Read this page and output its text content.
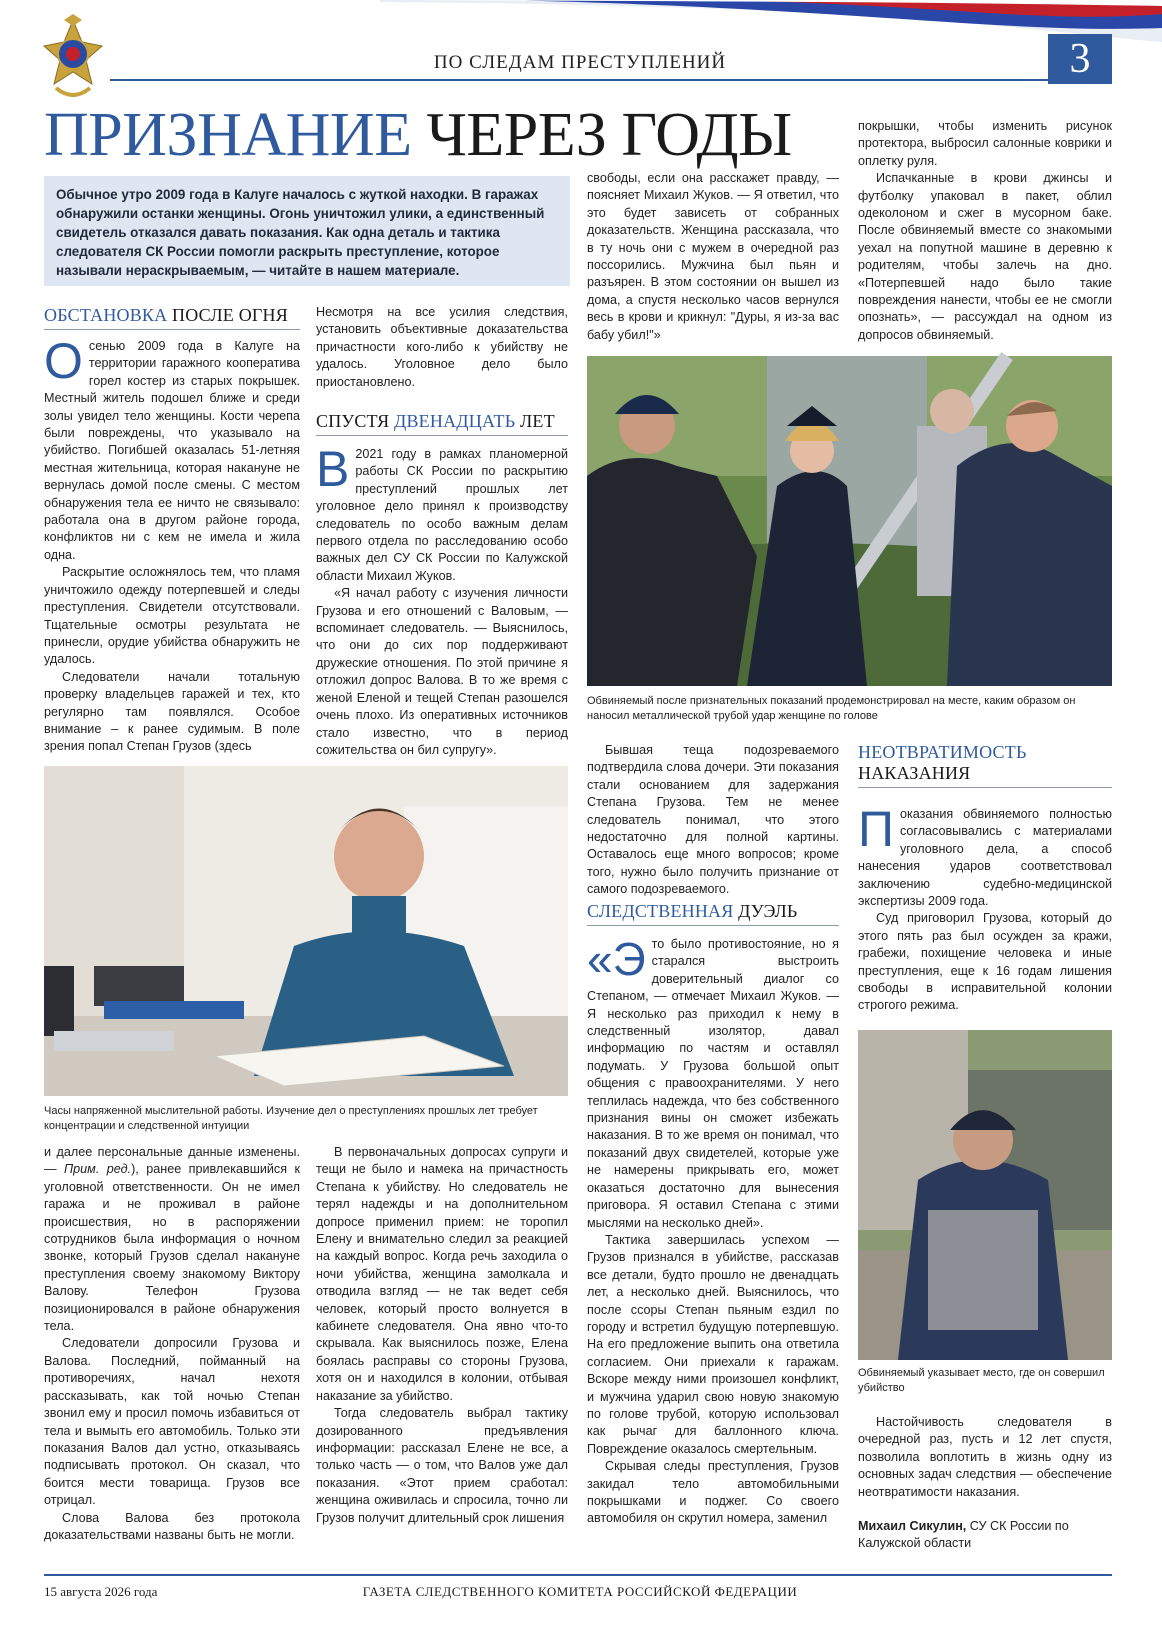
ПО СЛЕДАМ ПРЕСТУПЛЕНИЙ	3
ПРИЗНАНИЕ ЧЕРЕЗ ГОДЫ
Обычное утро 2009 года в Калуге началось с жуткой находки. В гаражах обнаружили останки женщины. Огонь уничтожил улики, а единственный свидетель отказался давать показания. Как одна деталь и тактика следователя СК России помогли раскрыть преступление, которое называли нераскрываемым, — читайте в нашем материале.
ОБСТАНОВКА ПОСЛЕ ОГНЯ

Осенью 2009 года в Калуге на территории гаражного кооператива горел костер из старых покрышек. Местный житель подошел ближе и среди золы увидел тело женщины. Кости черепа были повреждены, что указывало на убийство. Погибшей оказалась 51-летняя местная жительница, которая накануне не вернулась домой после смены. С местом обнаружения тела ее ничто не связывало: работала она в другом районе города, конфликтов ни с кем не имела и жила одна.

Раскрытие осложнялось тем, что пламя уничтожило одежду потерпевшей и следы преступления. Свидетели отсутствовали. Тщательные осмотры результата не принесли, орудие убийства обнаружить не удалось.

Следователи начали тотальную проверку владельцев гаражей и тех, кто регулярно там появлялся. Особое внимание – к ранее судимым. В поле зрения попал Степан Грузов (здесь

Несмотря на все усилия следствия, установить объективные доказательства причастности кого-либо к убийству не удалось. Уголовное дело было приостановлено.

СПУСТЯ ДВЕНАДЦАТЬ ЛЕТ

В 2021 году в рамках планомерной работы СК России по раскрытию преступлений прошлых лет уголовное дело принял к производству следователь по особо важным делам первого отдела по расследованию особо важных дел СУ СК России по Калужской области Михаил Жуков.

«Я начал работу с изучения личности Грузова и его отношений с Валовым, — вспоминает следователь. — Выяснилось, что они до сих пор поддерживают дружеские отношения. По этой причине я отложил допрос Валова. В то же время с женой Еленой и тещей Степан разошелся очень плохо. Из оперативных источников стало известно, что в период сожительства он бил супругу».

свободы, если она расскажет правду, — поясняет Михаил Жуков. — Я ответил, что это будет зависеть от собранных доказательств. Женщина рассказала, что в ту ночь они с мужем в очередной раз поссорились. Мужчина был пьян и разъярен. В этом состоянии он вышел из дома, а спустя несколько часов вернулся весь в крови и крикнул: "Дуры, я из-за вас бабу убил!"»

покрышки, чтобы изменить рисунок протектора, выбросил салонные коврики и оплетку руля.

Испачканные в крови джинсы и футболку упаковал в пакет, облил одеколоном и сжег в мусорном баке. После обвиняемый вместе со знакомыми уехал на попутной машине в деревню к родителям, чтобы залечь на дно. «Потерпевшей надо было такие повреждения нанести, чтобы ее не смогли опознать», — рассуждал на одном из допросов обвиняемый.

Обвиняемый после признательных показаний продемонстрировал на месте, каким образом он наносил металлической трубой удар женщине по голове
Часы напряженной мыслительной работы. Изучение дел о преступлениях прошлых лет требует концентрации и следственной интуиции

и далее персональные данные изменены. — Прим. ред.), ранее привлекавшийся к уголовной ответственности. Он не имел гаража и не проживал в районе происшествия, но в распоряжении сотрудников была информация о ночном звонке, который Грузов сделал накануне преступления своему знакомому Виктору Валову. Телефон Грузова позиционировался в районе обнаружения тела.

Следователи допросили Грузова и Валова. Последний, пойманный на противоречиях, начал нехотя рассказывать, как той ночью Степан звонил ему и просил помочь избавиться от тела и вымыть его автомобиль. Только эти показания Валов дал устно, отказываясь подписывать протокол. Он сказал, что боится мести товарища. Грузов все отрицал.

Слова Валова без протокола доказательствами названы быть не могли.

В первоначальных допросах супруги и тещи не было и намека на причастность Степана к убийству. Но следователь не терял надежды и на дополнительном допросе применил прием: не торопил Елену и внимательно следил за реакцией на каждый вопрос. Когда речь заходила о ночи убийства, женщина замолкала и отводила взгляд — не так ведет себя человек, который просто волнуется в кабинете следователя. Она явно что-то скрывала. Как выяснилось позже, Елена боялась расправы со стороны Грузова, хотя он и находился в колонии, отбывая наказание за убийство.

Тогда следователь выбрал тактику дозированного предъявления информации: рассказал Елене не все, а только часть — о том, что Валов уже дал показания. «Этот прием сработал: женщина оживилась и спросила, точно ли Грузов получит длительный срок лишения

Бывшая теща подозреваемого подтвердила слова дочери. Эти показания стали основанием для задержания Степана Грузова. Тем не менее следователь понимал, что этого недостаточно для полной картины. Оставалось еще много вопросов; кроме того, нужно было получить признание от самого подозреваемого.

СЛЕДСТВЕННАЯ ДУЭЛЬ

«Это было противостояние, но я старался выстроить доверительный диалог со Степаном, — отмечает Михаил Жуков. — Я несколько раз приходил к нему в следственный изолятор, давал информацию по частям и оставлял подумать. У Грузова большой опыт общения с правоохранителями. У него теплилась надежда, что без собственного признания вины он сможет избежать наказания. В то же время он понимал, что показаний двух свидетелей, которые уже не намерены прикрывать его, может оказаться достаточно для вынесения приговора. Я оставил Степана с этими мыслями на несколько дней».

Тактика завершилась успехом — Грузов признался в убийстве, рассказав все детали, будто прошло не двенадцать лет, а несколько дней. Выяснилось, что после ссоры Степан пьяным ездил по городу и встретил будущую потерпевшую. На его предложение выпить она ответила согласием. Они приехали к гаражам. Вскоре между ними произошел конфликт, и мужчина ударил свою новую знакомую по голове трубой, которую использовал как рычаг для баллонного ключа. Повреждение оказалось смертельным.

Скрывая следы преступления, Грузов закидал тело автомобильными покрышками и поджег. Со своего автомобиля он скрутил номера, заменил

НЕОТВРАТИМОСТЬ
НАКАЗАНИЯ

Показания обвиняемого полностью согласовывались с материалами уголовного дела, а способ нанесения ударов соответствовал заключению судебно-медицинской экспертизы 2009 года.

Суд приговорил Грузова, который до этого пять раз был осужден за кражи, грабежи, похищение человека и иные преступления, еще к 16 годам лишения свободы в исправительной колонии строгого режима.

Обвиняемый указывает место, где он совершил убийство

Настойчивость следователя в очередной раз, пусть и 12 лет спустя, позволила воплотить в жизнь одну из основных задач следствия — обеспечение неотвратимости наказания.

Михаил Сикулин, СУ СК России по Калужской области
15 августа 2026 года	ГАЗЕТА СЛЕДСТВЕННОГО КОМИТЕТА РОССИЙСКОЙ ФЕДЕРАЦИИ
